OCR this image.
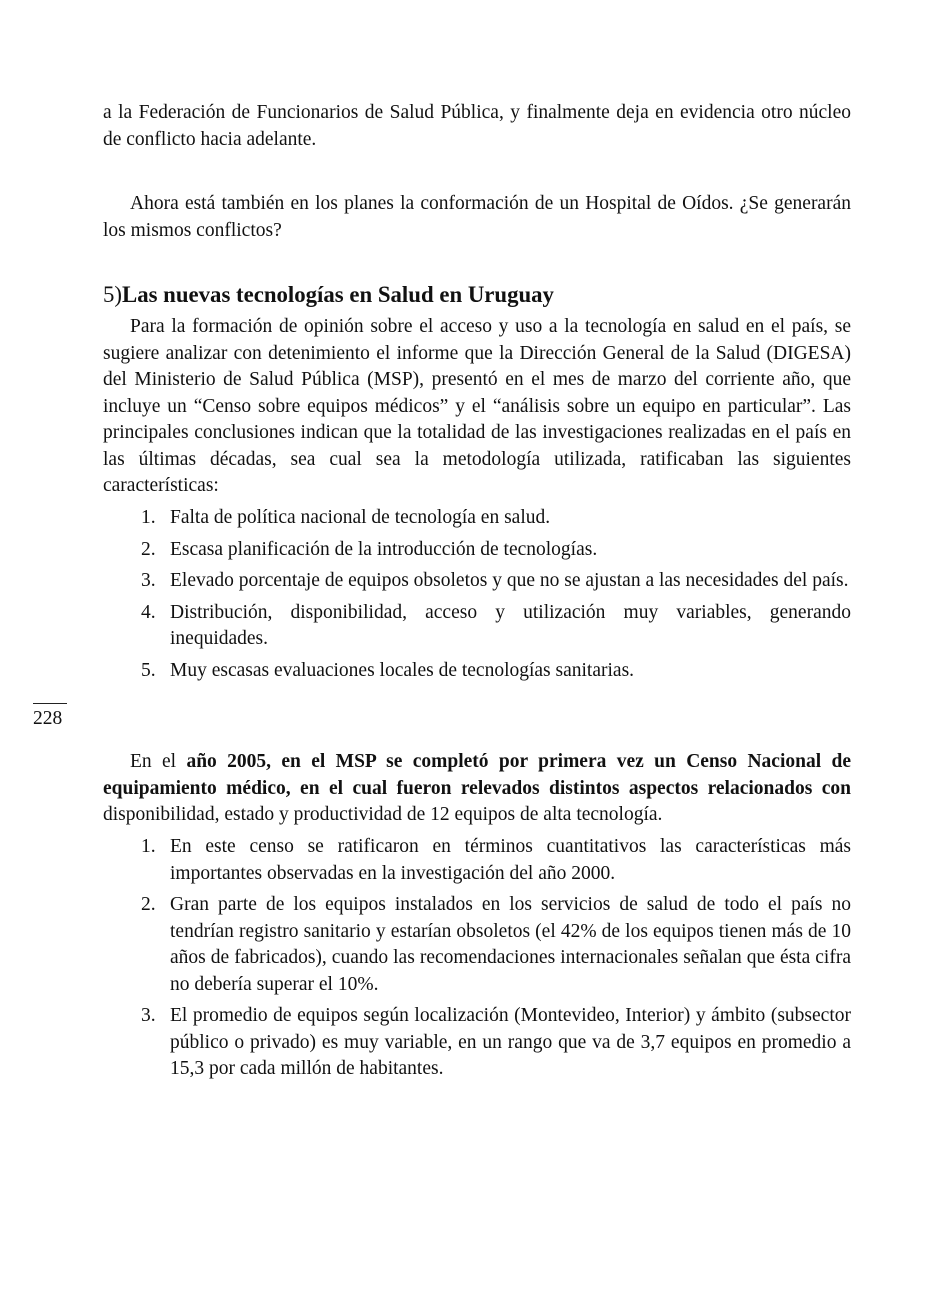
a la Federación de Funcionarios de Salud Pública, y finalmente deja en evidencia otro núcleo de conflicto hacia adelante.

Ahora está también en los planes la conformación de un Hospital de Oídos. ¿Se generarán los mismos conflictos?

5)Las nuevas tecnologías en Salud en Uruguay

Para la formación de opinión sobre el acceso y uso a la tecnología en salud en el país, se sugiere analizar con detenimiento el informe que la Dirección General de la Salud (DIGESA) del Ministerio de Salud Pública (MSP), presentó en el mes de marzo del corriente año, que incluye un “Censo sobre equipos médicos” y el “análisis sobre un equipo en particular”. Las principales conclusiones indican que la totalidad de las investigaciones realizadas en el país en las últimas décadas, sea cual sea la metodología utilizada, ratificaban las siguientes características:

1. Falta de política nacional de tecnología en salud.
2. Escasa planificación de la introducción de tecnologías.
3. Elevado porcentaje de equipos obsoletos y que no se ajustan a las necesidades del país.
4. Distribución, disponibilidad, acceso y utilización muy variables, generando inequidades.
5. Muy escasas evaluaciones locales de tecnologías sanitarias.
228

En el año 2005, en el MSP se completó por primera vez un Censo Nacional de equipamiento médico, en el cual fueron relevados distintos aspectos relacionados con disponibilidad, estado y productividad de 12 equipos de alta tecnología.

1. En este censo se ratificaron en términos cuantitativos las características más importantes observadas en la investigación del año 2000.
2. Gran parte de los equipos instalados en los servicios de salud de todo el país no tendrían registro sanitario y estarían obsoletos (el 42% de los equipos tienen más de 10 años de fabricados), cuando las recomendaciones internacionales señalan que ésta cifra no debería superar el 10%.
3. El promedio de equipos según localización (Montevideo, Interior) y ámbito (subsector público o privado) es muy variable, en un rango que va de 3,7 equipos en promedio a 15,3 por cada millón de habitantes.
